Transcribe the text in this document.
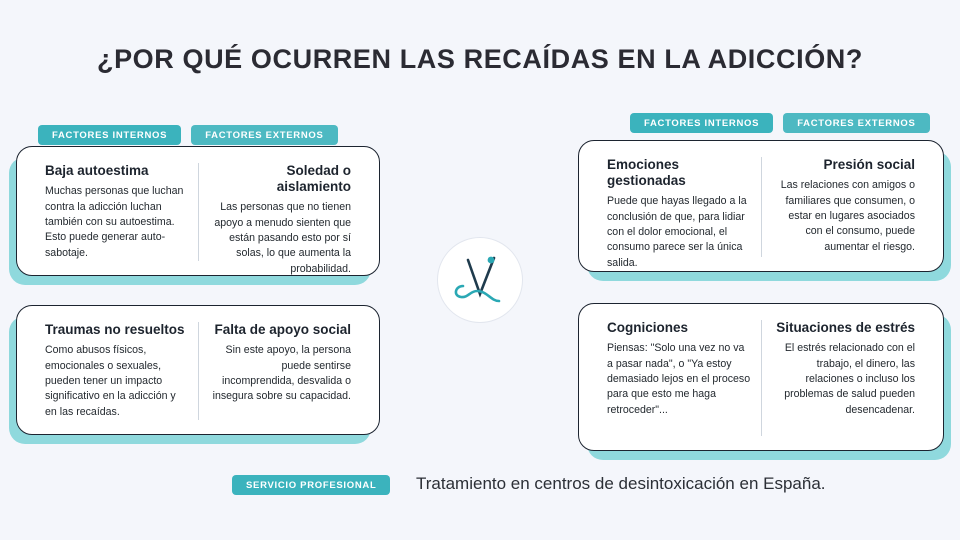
¿POR QUÉ OCURREN LAS RECAÍDAS EN LA ADICCIÓN?
FACTORES INTERNOS	FACTORES EXTERNOS
FACTORES INTERNOS	FACTORES EXTERNOS
Baja autoestima

Muchas personas que luchan contra la adicción luchan también con su autoestima. Esto puede generar auto-sabotaje.

Soledad o aislamiento

Las personas que no tienen apoyo a menudo sienten que están pasando esto por sí solas, lo que aumenta la probabilidad.

Traumas no resueltos

Como abusos físicos, emocionales o sexuales, pueden tener un impacto significativo en la adicción y en las recaídas.

Falta de apoyo social

Sin este apoyo, la persona puede sentirse incomprendida, desvalida o insegura sobre su capacidad.

Emociones gestionadas

Puede que hayas llegado a la conclusión de que, para lidiar con el dolor emocional, el consumo parece ser la única salida.

Presión social

Las relaciones con amigos o familiares que consumen, o estar en lugares asociados con el consumo, puede aumentar el riesgo.

Cogniciones

Piensas: "Solo una vez no va a pasar nada", o "Ya estoy demasiado lejos en el proceso para que esto me haga retroceder"...

Situaciones de estrés

El estrés relacionado con el trabajo, el dinero, las relaciones o incluso los problemas de salud pueden desencadenar.

SERVICIO PROFESIONAL	Tratamiento en centros de desintoxicación en España.
